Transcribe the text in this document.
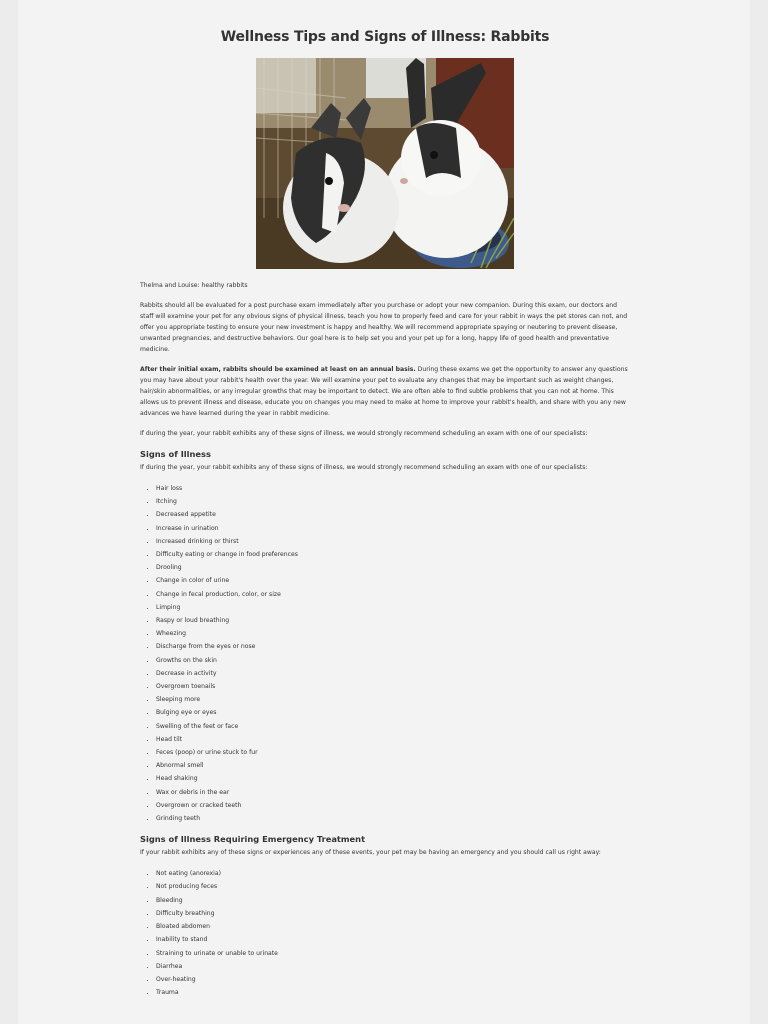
Wellness Tips and Signs of Illness: Rabbits

Thelma and Louise: healthy rabbits

Rabbits should all be evaluated for a post purchase exam immediately after you purchase or adopt your new companion. During this exam, our doctors and staff will examine your pet for any obvious signs of physical illness, teach you how to properly feed and care for your rabbit in ways the pet stores can not, and offer you appropriate testing to ensure your new investment is happy and healthy. We will recommend appropriate spaying or neutering to prevent disease, unwanted pregnancies, and destructive behaviors. Our goal here is to help set you and your pet up for a long, happy life of good health and preventative medicine.

After their initial exam, rabbits should be examined at least on an annual basis. During these exams we get the opportunity to answer any questions you may have about your rabbit's health over the year. We will examine your pet to evaluate any changes that may be important such as weight changes, hair/skin abnormalities, or any irregular growths that may be important to detect. We are often able to find subtle problems that you can not at home. This allows us to prevent illness and disease, educate you on changes you may need to make at home to improve your rabbit's health, and share with you any new advances we have learned during the year in rabbit medicine.

If during the year, your rabbit exhibits any of these signs of illness, we would strongly recommend scheduling an exam with one of our specialists:

Signs of Illness

If during the year, your rabbit exhibits any of these signs of illness, we would strongly recommend scheduling an exam with one of our specialists:

• Hair loss
• Itching
• Decreased appetite
• Increase in urination
• Increased drinking or thirst
• Difficulty eating or change in food preferences
• Drooling
• Change in color of urine
• Change in fecal production, color, or size
• Limping
• Raspy or loud breathing
• Wheezing
• Discharge from the eyes or nose
• Growths on the skin
• Decrease in activity
• Overgrown toenails
• Sleeping more
• Bulging eye or eyes
• Swelling of the feet or face
• Head tilt
• Feces (poop) or urine stuck to fur
• Abnormal smell
• Head shaking
• Wax or debris in the ear
• Overgrown or cracked teeth
• Grinding teeth
Signs of Illness Requiring Emergency Treatment

If your rabbit exhibits any of these signs or experiences any of these events, your pet may be having an emergency and you should call us right away:

• Not eating (anorexia)
• Not producing feces
• Bleeding
• Difficulty breathing
• Bloated abdomen
• Inability to stand
• Straining to urinate or unable to urinate
• Diarrhea
• Over-heating
• Trauma
